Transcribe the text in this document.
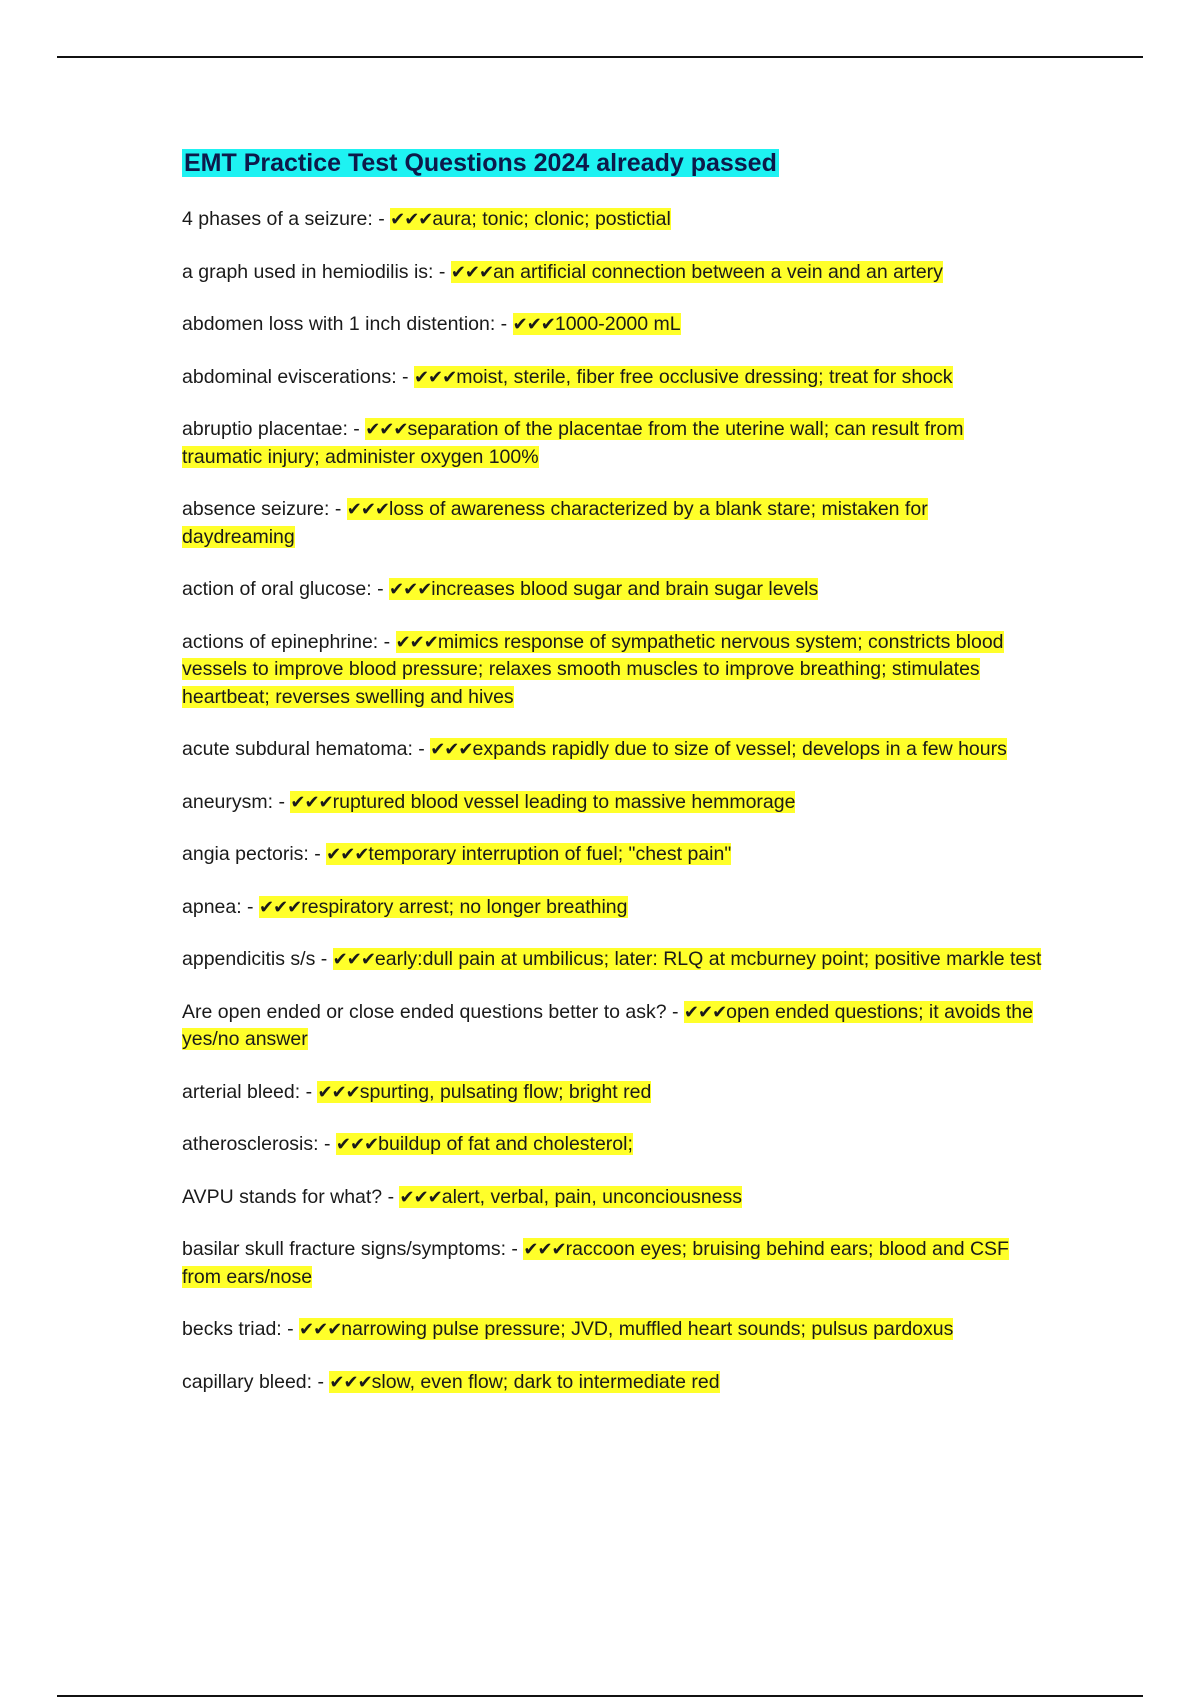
EMT Practice Test Questions 2024 already passed

4 phases of a seizure: - ✔✔✔aura; tonic; clonic; postictial

a graph used in hemiodilis is: - ✔✔✔an artificial connection between a vein and an artery

abdomen loss with 1 inch distention: - ✔✔✔1000-2000 mL

abdominal eviscerations: - ✔✔✔moist, sterile, fiber free occlusive dressing; treat for shock

abruptio placentae: - ✔✔✔separation of the placentae from the uterine wall; can result from traumatic injury; administer oxygen 100%

absence seizure: - ✔✔✔loss of awareness characterized by a blank stare; mistaken for daydreaming

action of oral glucose: - ✔✔✔increases blood sugar and brain sugar levels

actions of epinephrine: - ✔✔✔mimics response of sympathetic nervous system; constricts blood vessels to improve blood pressure; relaxes smooth muscles to improve breathing; stimulates heartbeat; reverses swelling and hives

acute subdural hematoma: - ✔✔✔expands rapidly due to size of vessel; develops in a few hours

aneurysm: - ✔✔✔ruptured blood vessel leading to massive hemmorage

angia pectoris: - ✔✔✔temporary interruption of fuel; "chest pain"

apnea: - ✔✔✔respiratory arrest; no longer breathing

appendicitis s/s - ✔✔✔early:dull pain at umbilicus; later: RLQ at mcburney point; positive markle test

Are open ended or close ended questions better to ask? - ✔✔✔open ended questions; it avoids the yes/no answer

arterial bleed: - ✔✔✔spurting, pulsating flow; bright red

atherosclerosis: - ✔✔✔buildup of fat and cholesterol;

AVPU stands for what? - ✔✔✔alert, verbal, pain, unconciousness

basilar skull fracture signs/symptoms: - ✔✔✔raccoon eyes; bruising behind ears; blood and CSF from ears/nose

becks triad: - ✔✔✔narrowing pulse pressure; JVD, muffled heart sounds; pulsus pardoxus

capillary bleed: - ✔✔✔slow, even flow; dark to intermediate red
